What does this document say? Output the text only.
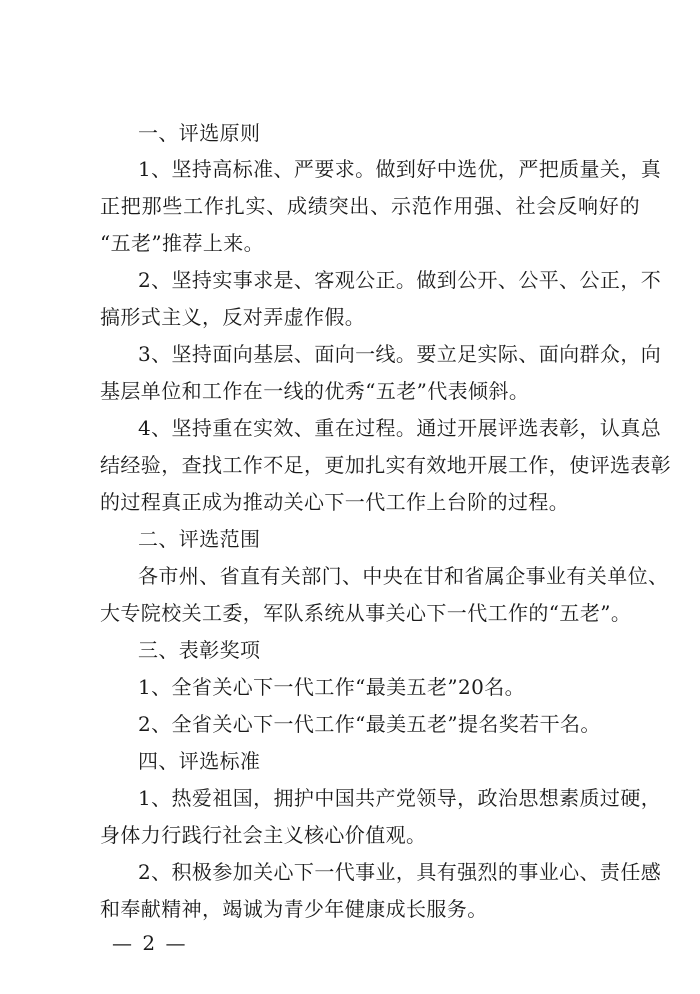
一、评选原则
1、坚持高标准、严要求。做到好中选优，严把质量关，真
正把那些工作扎实、成绩突出、示范作用强、社会反响好的
“五老”推荐上来。
2、坚持实事求是、客观公正。做到公开、公平、公正，不
搞形式主义，反对弄虚作假。
3、坚持面向基层、面向一线。要立足实际、面向群众，向
基层单位和工作在一线的优秀“五老”代表倾斜。
4、坚持重在实效、重在过程。通过开展评选表彰，认真总
结经验，查找工作不足，更加扎实有效地开展工作，使评选表彰
的过程真正成为推动关心下一代工作上台阶的过程。
二、评选范围
各市州、省直有关部门、中央在甘和省属企事业有关单位、
大专院校关工委，军队系统从事关心下一代工作的“五老”。
三、表彰奖项
1、全省关心下一代工作“最美五老”20名。
2、全省关心下一代工作“最美五老”提名奖若干名。
四、评选标准
1、热爱祖国，拥护中国共产党领导，政治思想素质过硬，
身体力行践行社会主义核心价值观。
2、积极参加关心下一代事业，具有强烈的事业心、责任感
和奉献精神，竭诚为青少年健康成长服务。
— 2 —
